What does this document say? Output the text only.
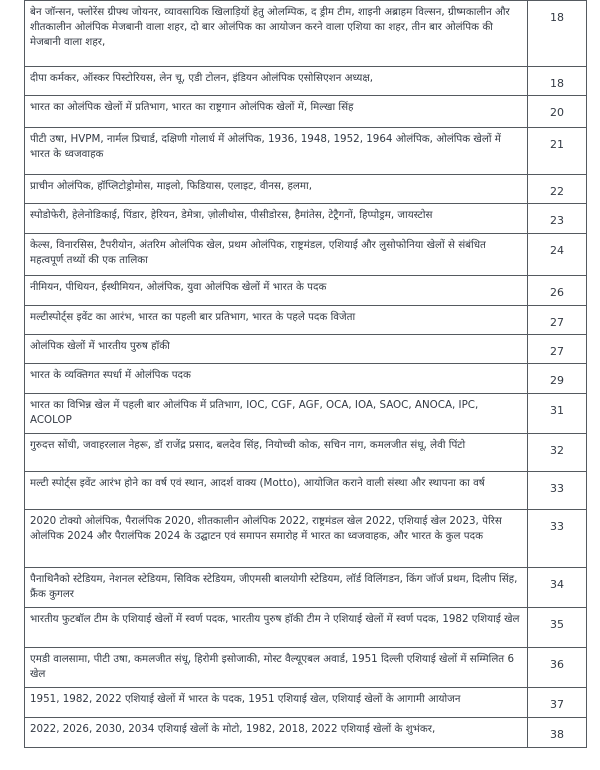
बेन जॉन्सन, फ्लोरेंस ग्रीफ्थ जोयनर, व्यावसायिक खिलाड़ियों हेतु ओलम्पिक, द ड्रीम टीम, शाइनी अब्राहम विल्सन, ग्रीष्मकालीन और शीतकालीन ओलंपिक मेजबानी वाला शहर, दो बार ओलंपिक का आयोजन करने वाला एशिया का शहर, तीन बार ओलंपिक की मेजबानी वाला शहर,	18
दीपा कर्मकर, ऑस्कर पिस्टोरियस, लेन चू, एडी टोलन, इंडियन ओलंपिक एसोसिएशन अध्यक्ष,	18
भारत का ओलंपिक खेलों में प्रतिभाग, भारत का राष्ट्रगान ओलंपिक खेलों में, मिल्खा सिंह	20
पीटी उषा, HVPM, नार्मल प्रिचार्ड, दक्षिणी गोलार्ध में ओलंपिक, 1936, 1948, 1952, 1964 ओलंपिक, ओलंपिक खेलों में भारत के ध्वजवाहक	21
प्राचीन ओलंपिक, हॉप्लिटोड्रोमोस, माइलो, फिडियास, एलाइट, वीनस, हलमा,	22
स्पोडोफेरी, हेलेनोडिकाई, पिंडार, हेरियन, डेमेत्रा, ज़ोलीथोस, पीसीडोरस, हैमांतेस, टेट्रैगनों, हिप्पोड्रम, जायस्टोस	23
केल्स, विनारसिस, टैपरीयोन, अंतरिम ओलंपिक खेल, प्रथम ओलंपिक, राष्ट्रमंडल, एशियाई और लुसोफोनिया खेलों से संबंधित महत्वपूर्ण तथ्यों की एक तालिका	24
नीमियन, पीथियन, ईस्थीमियन, ओलंपिक, युवा ओलंपिक खेलों में भारत के पदक	26
मल्टीस्पोर्ट्स इवेंट का आरंभ, भारत का पहली बार प्रतिभाग, भारत के पहले पदक विजेता	27
ओलंपिक खेलों में भारतीय पुरुष हॉकी	27
भारत के व्यक्तिगत स्पर्धा में ओलंपिक पदक	29
भारत का विभिन्न खेल में पहली बार ओलंपिक में प्रतिभाग, IOC, CGF, AGF, OCA, IOA, SAOC, ANOCA, IPC, ACOLOP	31
गुरुदत्त सोंधी, जवाहरलाल नेहरू, डॉ राजेंद्र प्रसाद, बलदेव सिंह, नियोच्ची कोक, सचिन नाग, कमलजीत संधू, लेवी पिंटो	32
मल्टी स्पोर्ट्स इवेंट आरंभ होने का वर्ष एवं स्थान, आदर्श वाक्य (Motto), आयोजित कराने वाली संस्था और स्थापना का वर्ष	33
2020 टोक्यो ओलंपिक, पैरालंपिक 2020, शीतकालीन ओलंपिक 2022, राष्ट्रमंडल खेल 2022, एशियाई खेल 2023, पेरिस ओलंपिक 2024 और पैरालंपिक 2024 के उद्घाटन एवं समापन समारोह में भारत का ध्वजवाहक, और भारत के कुल पदक	33
पैनाथिनैको स्टेडियम, नेशनल स्टेडियम, सिविक स्टेडियम, जीएमसी बालयोगी स्टेडियम, लॉर्ड विलिंगडन, किंग जॉर्ज प्रथम, दिलीप सिंह, फ्रैंक कुगलर	34
भारतीय फुटबॉल टीम के एशियाई खेलों में स्वर्ण पदक, भारतीय पुरुष हॉकी टीम ने एशियाई खेलों में स्वर्ण पदक, 1982 एशियाई खेल	35
एमडी वालसामा, पीटी उषा, कमलजीत संधू, हिरोमी इसोजाकी, मोस्ट वैल्यूएबल अवार्ड, 1951 दिल्ली एशियाई खेलों में सम्मिलित 6 खेल	36
1951, 1982, 2022 एशियाई खेलों में भारत के पदक, 1951 एशियाई खेल, एशियाई खेलों के आगामी आयोजन	37
2022, 2026, 2030, 2034 एशियाई खेलों के मोटो, 1982, 2018, 2022 एशियाई खेलों के शुभंकर,	38
